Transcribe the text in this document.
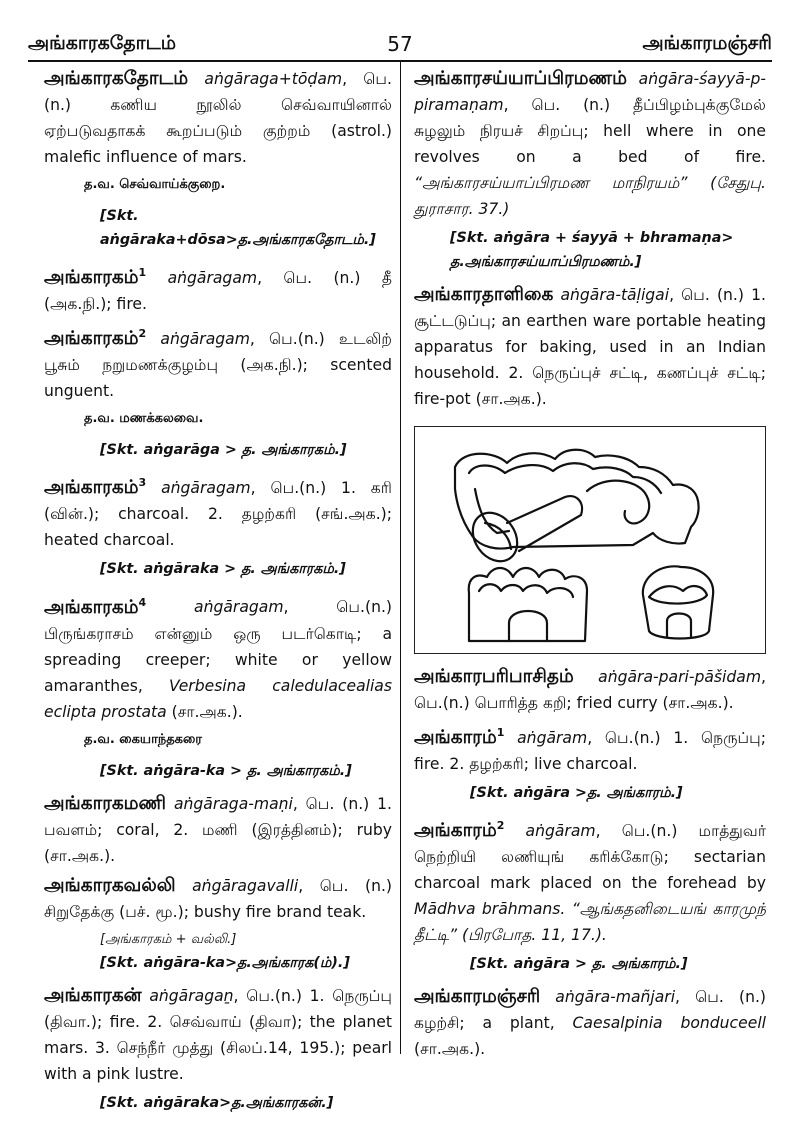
அங்காரகதோடம்	57	அங்காரமஞ்சரி

அங்காரகதோடம் aṅgāraga+tōḍam, பெ.(n.) கணிய நூலில் செவ்வாயினால் ஏற்படுவதாகக் கூறப்படும் குற்றம் (astrol.) malefic influence of mars.

த.வ. செவ்வாய்க்குறை.
[Skt. aṅgāraka+dōsa>த.அங்காரகதோடம்.]

அங்காரகம்$^1$ aṅgāragam, பெ. (n.) தீ (அக.நி.); fire.

அங்காரகம்$^2$ aṅgāragam, பெ.(n.) உடலிற் பூசும் நறுமணக்குழம்பு (அக.நி.); scented unguent.

த.வ. மணக்கலவை.
[Skt. aṅgarāga > த. அங்காரகம்.]

அங்காரகம்$^3$ aṅgāragam, பெ.(n.) 1. கரி (வின்.); charcoal. 2. தழற்கரி (சங்.அக.); heated charcoal.

[Skt. aṅgāraka > த. அங்காரகம்.]

அங்காரகம்$^4$	aṅgāragam, பெ.(n.) பிருங்கராசம் என்னும் ஒரு படர்கொடி; a spreading creeper; white or yellow amaranthes, Verbesina caledulacealias eclipta prostata (சா.அக.).

த.வ. கையாந்தகரை
[Skt. aṅgāra-ka > த. அங்காரகம்.]

அங்காரகமணி aṅgāraga-maṇi, பெ. (n.) 1. பவளம்; coral, 2. மணி (இரத்தினம்); ruby (சா.அக.).

அங்காரகவல்லி aṅgāragavalli, பெ. (n.) சிறுதேக்கு (பச். மூ.); bushy fire brand teak.

[அங்காரகம் + வல்லி.]
[Skt. aṅgāra-ka>த.அங்காரக(ம்).]

அங்காரகன் aṅgāragaṉ, பெ.(n.) 1. நெருப்பு (திவா.); fire. 2. செவ்வாய் (திவா); the planet mars. 3. செந்நீர் முத்து (சிலப்.14, 195.); pearl with a pink lustre.

[Skt. aṅgāraka>த.அங்காரகன்.]

அங்காரசய்யாப்பிரமணம் aṅgāra-śayyā-p-piramaṇam, பெ. (n.) தீப்பிழம்புக்குமேல் சுழலும் நிரயச் சிறப்பு; hell where in one revolves on a bed of fire. “அங்காரசய்யாப்பிரமண மாநிரயம்” (சேதுபு. துராசார. 37.)

[Skt. aṅgāra + śayyā + bhramaṇa> த.அங்காரசய்யாப்பிரமணம்.]

அங்காரதாளிகை aṅgāra-tāḷigai, பெ. (n.) 1. சூட்டடுப்பு; an earthen ware portable heating apparatus for baking, used in an Indian household. 2. நெருப்புச் சட்டி, கணப்புச் சட்டி; fire-pot (சா.அக.).

அங்காரபரிபாசிதம் aṅgāra-pari-pāšidam, பெ.(n.) பொரித்த கறி; fried curry (சா.அக.).

அங்காரம்$^1$ aṅgāram, பெ.(n.) 1. நெருப்பு; fire. 2. தழற்கரி; live charcoal.

[Skt. aṅgāra >த. அங்காரம்.]

அங்காரம்$^2$ aṅgāram, பெ.(n.) மாத்துவர் நெற்றியி லணியுங் கரிக்கோடு; sectarian charcoal mark placed on the forehead by Mādhva brāhmans. “ஆங்கதனிடையங் காரமுந் தீட்டி” (பிரபோத. 11, 17.).

[Skt. aṅgāra > த. அங்காரம்.]

அங்காரமஞ்சரி aṅgāra-mañjari, பெ. (n.) கழற்சி; a plant, Caesalpinia bonduceell (சா.அக.).
